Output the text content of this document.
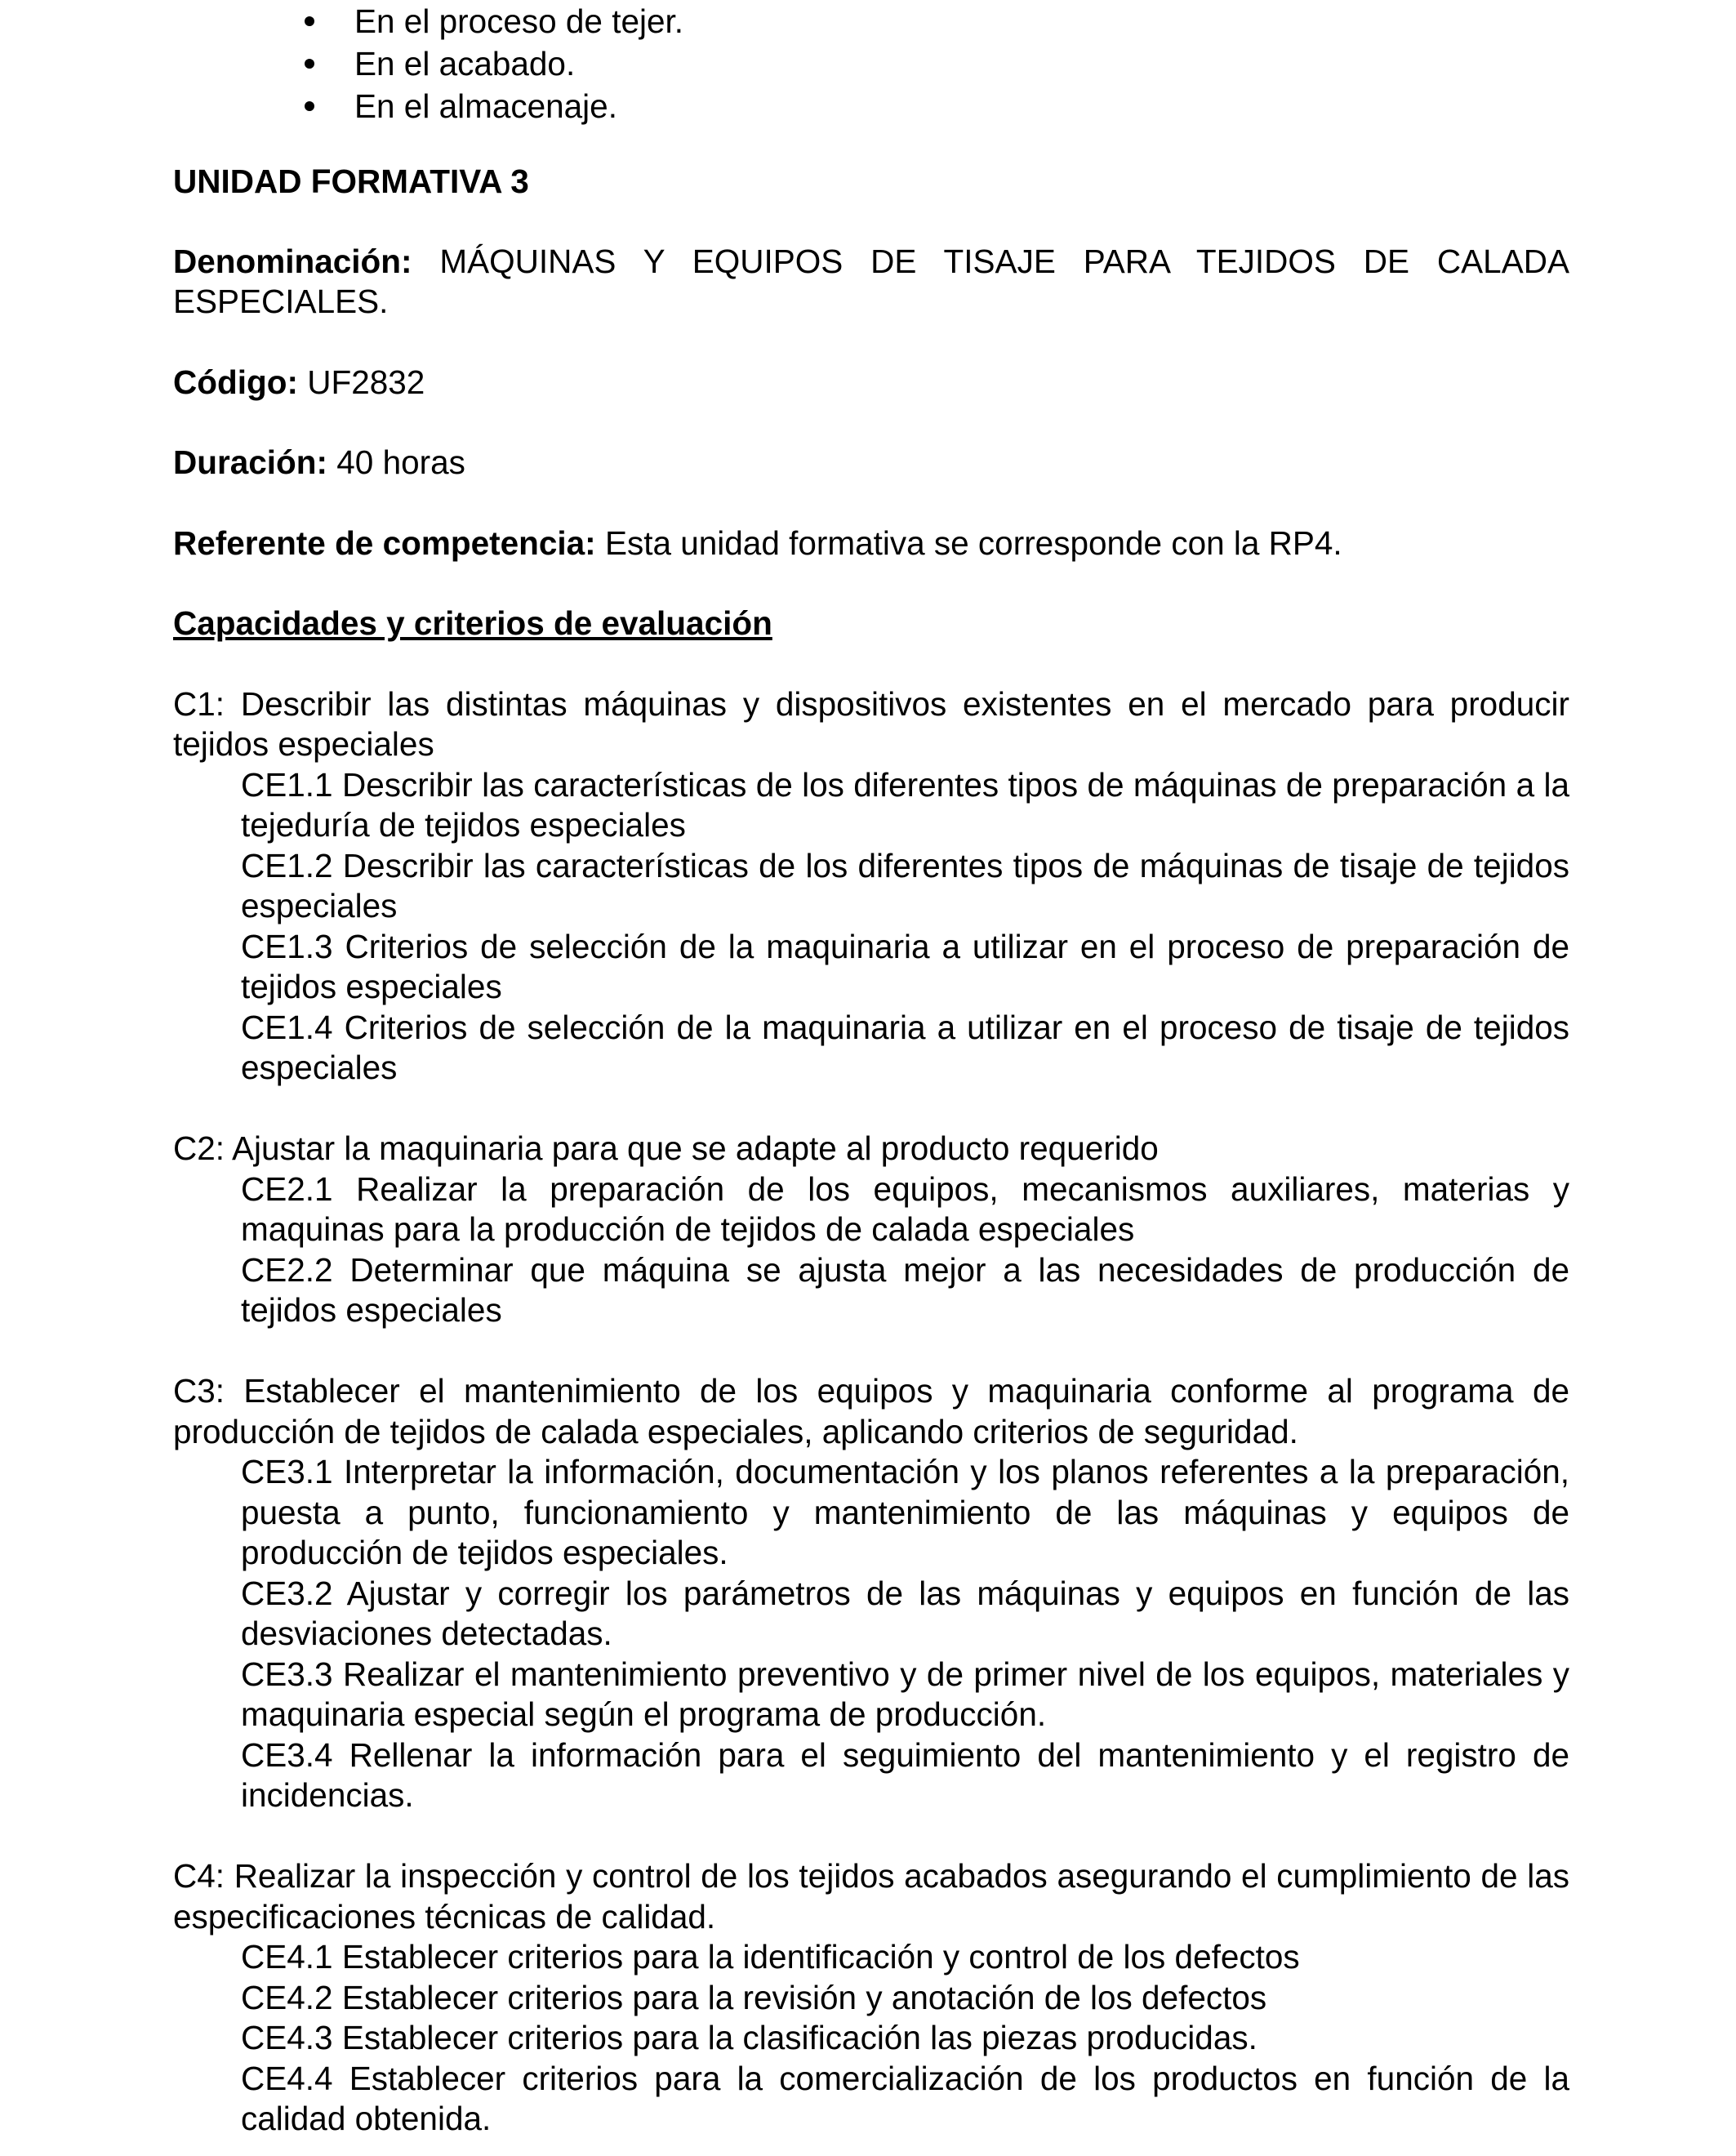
En el proceso de tejer.
En el acabado.
En el almacenaje.

UNIDAD FORMATIVA 3

Denominación: MÁQUINAS Y EQUIPOS DE TISAJE PARA TEJIDOS DE CALADA ESPECIALES.

Código: UF2832

Duración: 40 horas

Referente de competencia: Esta unidad formativa se corresponde con la RP4.

Capacidades y criterios de evaluación

C1: Describir las distintas máquinas y dispositivos existentes en el mercado para producir tejidos especiales

CE1.1 Describir las características de los diferentes tipos de máquinas de preparación a la tejeduría de tejidos especiales

CE1.2 Describir las características de los diferentes tipos de máquinas de tisaje de tejidos especiales

CE1.3 Criterios de selección de la maquinaria a utilizar en el proceso de preparación de tejidos especiales

CE1.4 Criterios de selección de la maquinaria a utilizar en el proceso de tisaje de tejidos especiales

C2: Ajustar la maquinaria para que se adapte al producto requerido

CE2.1 Realizar la preparación de los equipos, mecanismos auxiliares, materias y maquinas para la producción de tejidos de calada especiales

CE2.2 Determinar que máquina se ajusta mejor a las necesidades de producción de tejidos especiales

C3: Establecer el mantenimiento de los equipos y maquinaria conforme al programa de producción de tejidos de calada especiales, aplicando criterios de seguridad.

CE3.1 Interpretar la información, documentación y los planos referentes a la preparación, puesta a punto, funcionamiento y mantenimiento de las máquinas y equipos de producción de tejidos especiales.

CE3.2 Ajustar y corregir los parámetros de las máquinas y equipos en función de las desviaciones detectadas.

CE3.3 Realizar el mantenimiento preventivo y de primer nivel de los equipos, materiales y maquinaria especial según el programa de producción.

CE3.4 Rellenar la información para el seguimiento del mantenimiento y el registro de incidencias.

C4: Realizar la inspección y control de los tejidos acabados asegurando el cumplimiento de las especificaciones técnicas de calidad.

CE4.1 Establecer criterios para la identificación y control de los defectos

CE4.2 Establecer criterios para la revisión y anotación de los defectos

CE4.3 Establecer criterios para la clasificación las piezas producidas.

CE4.4 Establecer criterios para la comercialización de los productos en función de la calidad obtenida.
